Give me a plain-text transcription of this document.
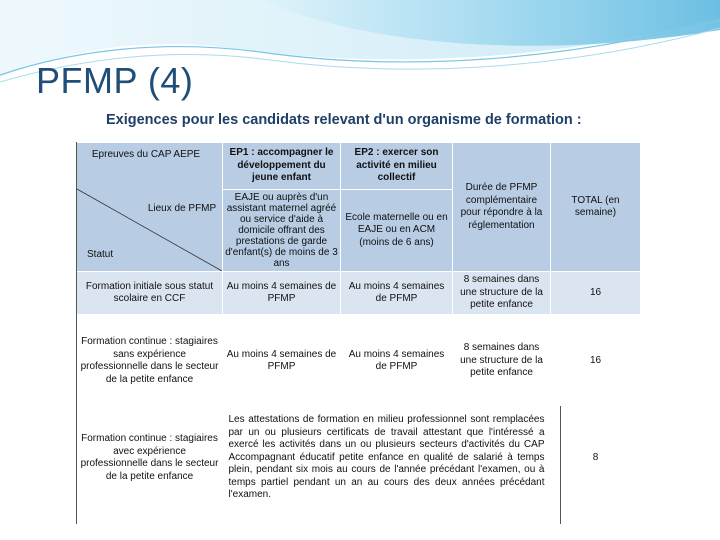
PFMP (4)
Exigences pour les candidats relevant d'un organisme de formation :
Epreuves du CAP AEPE
Lieux de PFMP
Statut	EP1 : accompagner le développement du jeune enfant	EP2 : exercer son activité en milieu collectif	Durée de PFMP complémentaire pour répondre à la réglementation	TOTAL (en semaine)
	EAJE ou auprès d'un assistant maternel agréé ou service d'aide à domicile offrant des prestations de garde d'enfant(s) de moins de 3 ans	Ecole maternelle ou en EAJE ou en ACM (moins de 6 ans)		
Formation initiale sous statut scolaire en CCF	Au moins 4 semaines de PFMP	Au moins 4 semaines de PFMP	8 semaines dans une structure de la petite enfance	16
Formation continue : stagiaires sans expérience professionnelle dans le secteur de la petite enfance	Au moins 4 semaines de PFMP	Au moins 4 semaines de PFMP	8 semaines dans une structure de la petite enfance	16
Formation continue : stagiaires avec expérience professionnelle dans le secteur de la petite enfance	Les attestations de formation en milieu professionnel sont remplacées par un ou plusieurs certificats de travail attestant que l'intéressé a exercé les activités dans un ou plusieurs secteurs d'activités du CAP Accompagnant éducatif petite enfance en qualité de salarié à temps plein, pendant six mois au cours de l'année précédant l'examen, ou à temps partiel pendant un an au cours des deux années précédant l'examen.			8
